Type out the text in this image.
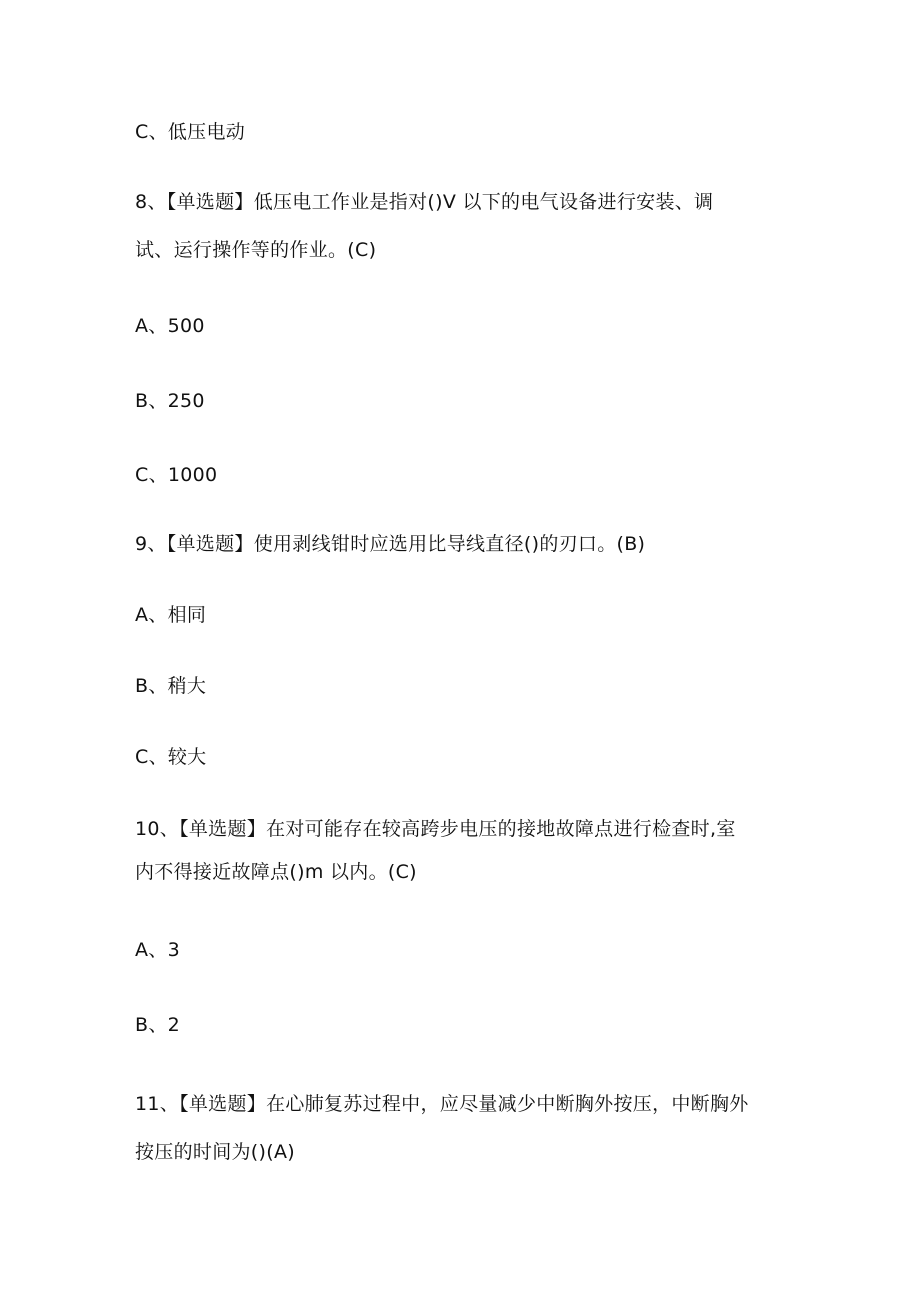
C、低压电动
8、【单选题】低压电工作业是指对()V 以下的电气设备进行安装、调
试、运行操作等的作业。(C)
A、500
B、250
C、1000
9、【单选题】使用剥线钳时应选用比导线直径()的刃口。(B)
A、相同
B、稍大
C、较大
10、【单选题】在对可能存在较高跨步电压的接地故障点进行检查时,室
内不得接近故障点()m 以内。(C)
A、3
B、2
11、【单选题】在心肺复苏过程中，应尽量减少中断胸外按压，中断胸外
按压的时间为()(A)
